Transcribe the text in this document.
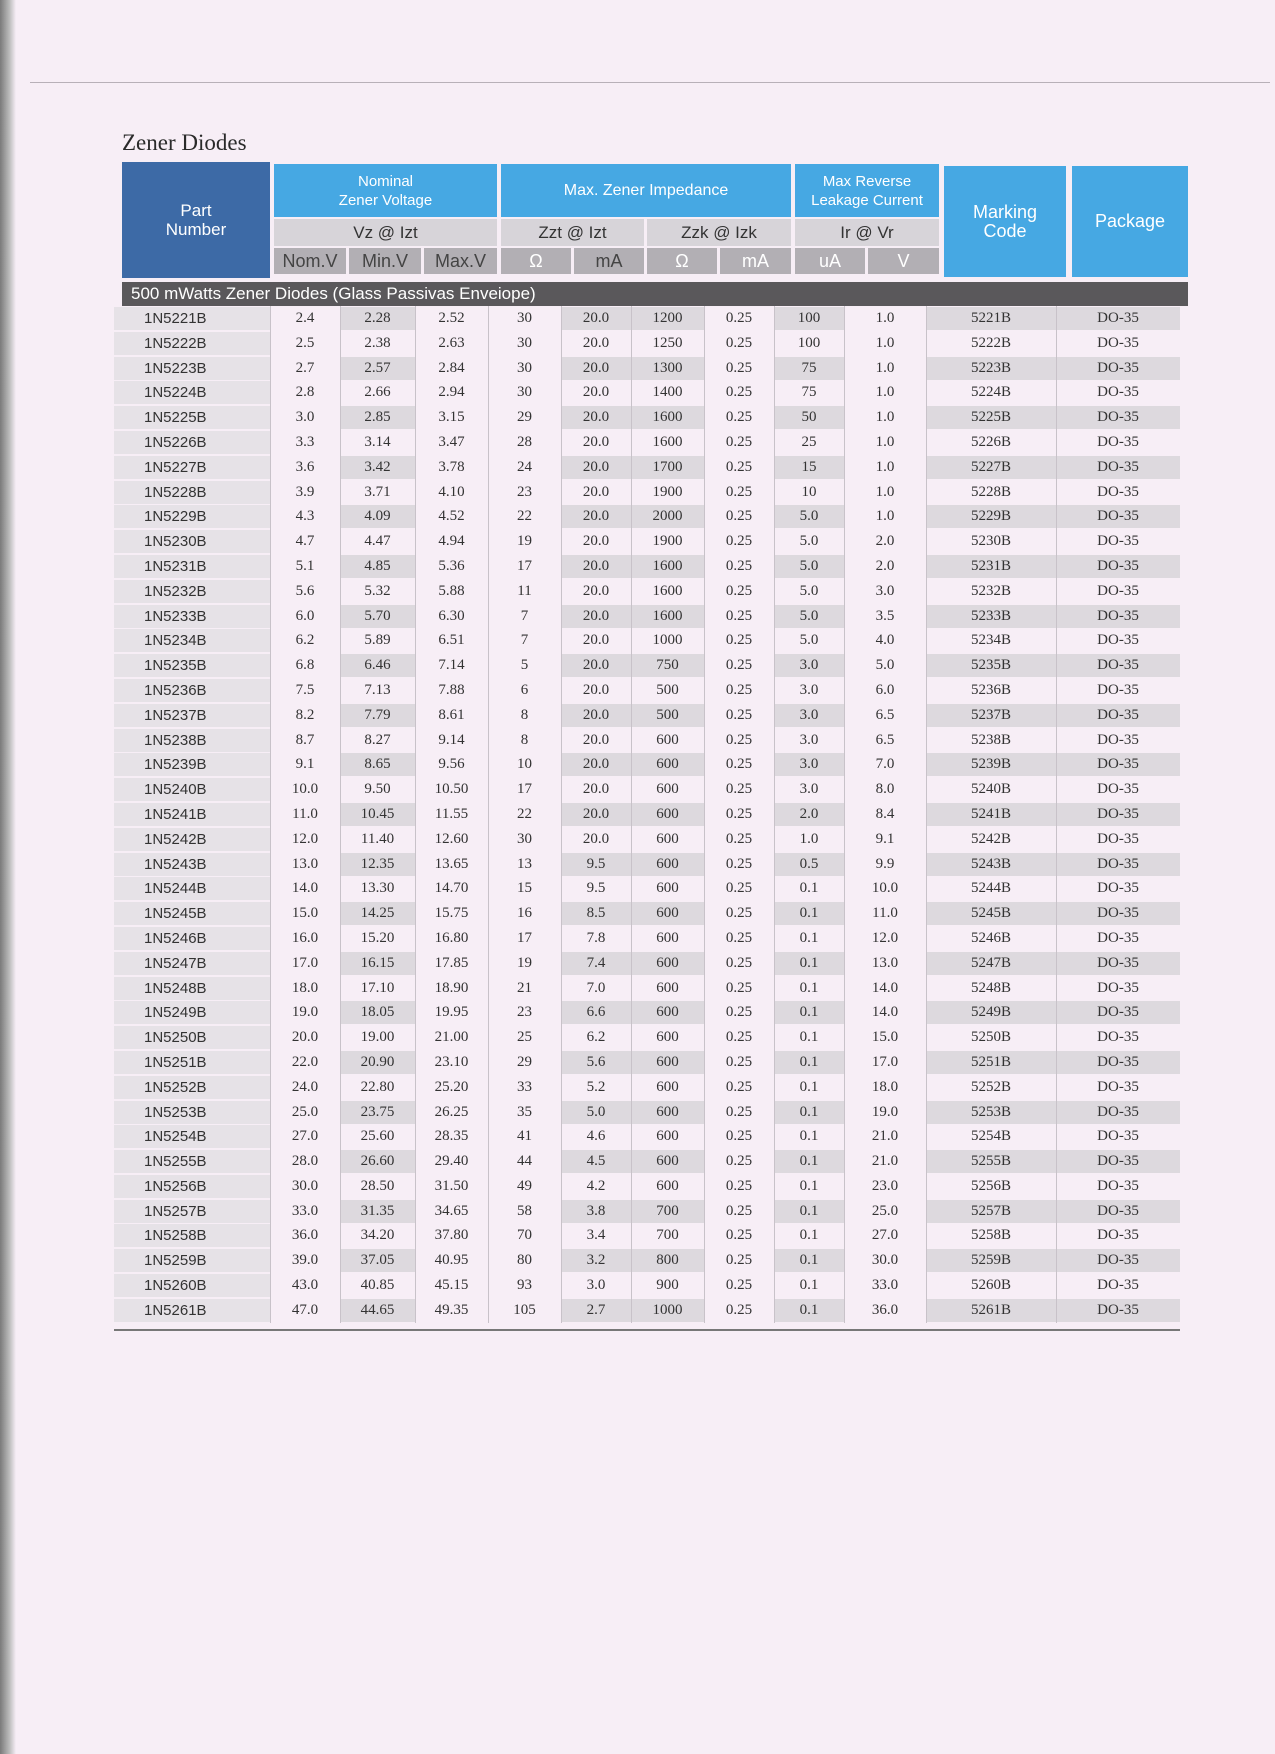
Zener Diodes
Part
Number
Nominal
Zener Voltage
Max. Zener Impedance
Max Reverse
Leakage Current
Marking
Code	Package
Vz @ Izt	Zzt @ Izt	Zzk @ Izk	Ir @ Vr
Nom.V	Min.V	Max.V	Ω	mA	Ω	mA	uA	V
500 mWatts Zener Diodes (Glass Passivas Enveiope)
1N5221B	2.4	2.28	2.52	30	20.0	1200	0.25	100	1.0	5221B	DO-35
1N5222B	2.5	2.38	2.63	30	20.0	1250	0.25	100	1.0	5222B	DO-35
1N5223B	2.7	2.57	2.84	30	20.0	1300	0.25	75	1.0	5223B	DO-35
1N5224B	2.8	2.66	2.94	30	20.0	1400	0.25	75	1.0	5224B	DO-35
1N5225B	3.0	2.85	3.15	29	20.0	1600	0.25	50	1.0	5225B	DO-35
1N5226B	3.3	3.14	3.47	28	20.0	1600	0.25	25	1.0	5226B	DO-35
1N5227B	3.6	3.42	3.78	24	20.0	1700	0.25	15	1.0	5227B	DO-35
1N5228B	3.9	3.71	4.10	23	20.0	1900	0.25	10	1.0	5228B	DO-35
1N5229B	4.3	4.09	4.52	22	20.0	2000	0.25	5.0	1.0	5229B	DO-35
1N5230B	4.7	4.47	4.94	19	20.0	1900	0.25	5.0	2.0	5230B	DO-35
1N5231B	5.1	4.85	5.36	17	20.0	1600	0.25	5.0	2.0	5231B	DO-35
1N5232B	5.6	5.32	5.88	11	20.0	1600	0.25	5.0	3.0	5232B	DO-35
1N5233B	6.0	5.70	6.30	7	20.0	1600	0.25	5.0	3.5	5233B	DO-35
1N5234B	6.2	5.89	6.51	7	20.0	1000	0.25	5.0	4.0	5234B	DO-35
1N5235B	6.8	6.46	7.14	5	20.0	750	0.25	3.0	5.0	5235B	DO-35
1N5236B	7.5	7.13	7.88	6	20.0	500	0.25	3.0	6.0	5236B	DO-35
1N5237B	8.2	7.79	8.61	8	20.0	500	0.25	3.0	6.5	5237B	DO-35
1N5238B	8.7	8.27	9.14	8	20.0	600	0.25	3.0	6.5	5238B	DO-35
1N5239B	9.1	8.65	9.56	10	20.0	600	0.25	3.0	7.0	5239B	DO-35
1N5240B	10.0	9.50	10.50	17	20.0	600	0.25	3.0	8.0	5240B	DO-35
1N5241B	11.0	10.45	11.55	22	20.0	600	0.25	2.0	8.4	5241B	DO-35
1N5242B	12.0	11.40	12.60	30	20.0	600	0.25	1.0	9.1	5242B	DO-35
1N5243B	13.0	12.35	13.65	13	9.5	600	0.25	0.5	9.9	5243B	DO-35
1N5244B	14.0	13.30	14.70	15	9.5	600	0.25	0.1	10.0	5244B	DO-35
1N5245B	15.0	14.25	15.75	16	8.5	600	0.25	0.1	11.0	5245B	DO-35
1N5246B	16.0	15.20	16.80	17	7.8	600	0.25	0.1	12.0	5246B	DO-35
1N5247B	17.0	16.15	17.85	19	7.4	600	0.25	0.1	13.0	5247B	DO-35
1N5248B	18.0	17.10	18.90	21	7.0	600	0.25	0.1	14.0	5248B	DO-35
1N5249B	19.0	18.05	19.95	23	6.6	600	0.25	0.1	14.0	5249B	DO-35
1N5250B	20.0	19.00	21.00	25	6.2	600	0.25	0.1	15.0	5250B	DO-35
1N5251B	22.0	20.90	23.10	29	5.6	600	0.25	0.1	17.0	5251B	DO-35
1N5252B	24.0	22.80	25.20	33	5.2	600	0.25	0.1	18.0	5252B	DO-35
1N5253B	25.0	23.75	26.25	35	5.0	600	0.25	0.1	19.0	5253B	DO-35
1N5254B	27.0	25.60	28.35	41	4.6	600	0.25	0.1	21.0	5254B	DO-35
1N5255B	28.0	26.60	29.40	44	4.5	600	0.25	0.1	21.0	5255B	DO-35
1N5256B	30.0	28.50	31.50	49	4.2	600	0.25	0.1	23.0	5256B	DO-35
1N5257B	33.0	31.35	34.65	58	3.8	700	0.25	0.1	25.0	5257B	DO-35
1N5258B	36.0	34.20	37.80	70	3.4	700	0.25	0.1	27.0	5258B	DO-35
1N5259B	39.0	37.05	40.95	80	3.2	800	0.25	0.1	30.0	5259B	DO-35
1N5260B	43.0	40.85	45.15	93	3.0	900	0.25	0.1	33.0	5260B	DO-35
1N5261B	47.0	44.65	49.35	105	2.7	1000	0.25	0.1	36.0	5261B	DO-35
